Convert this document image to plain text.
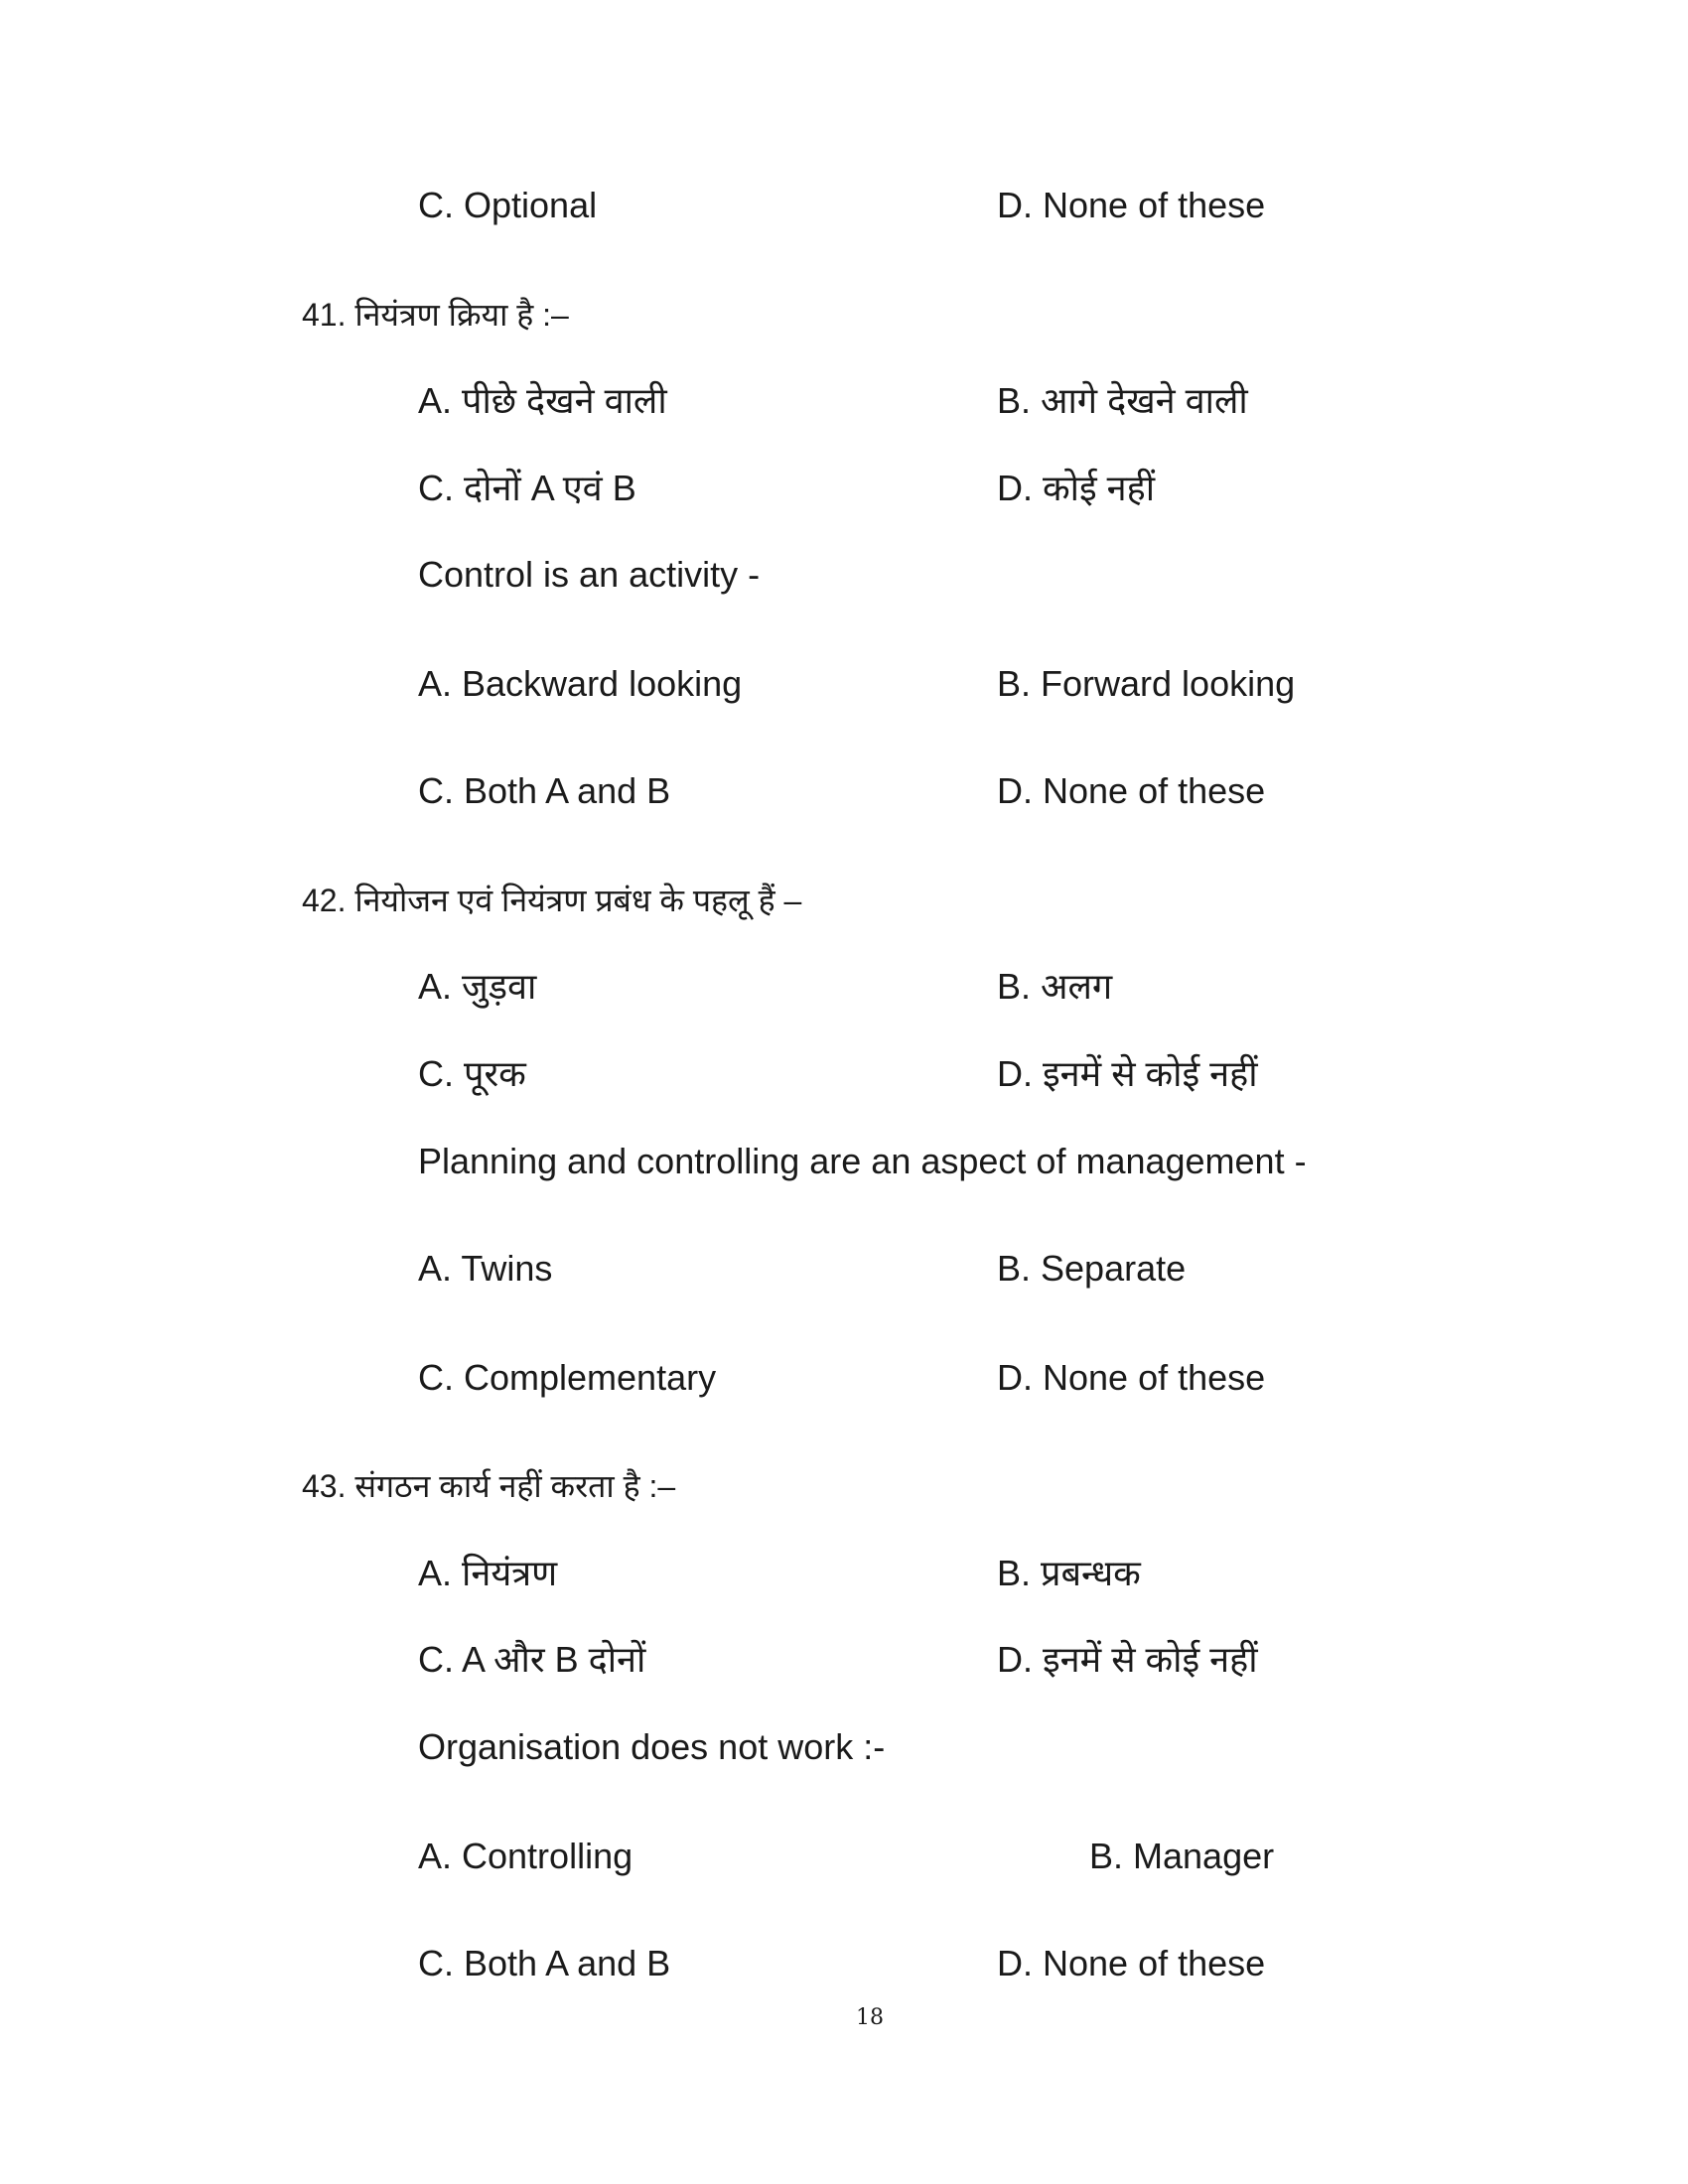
C. Optional	D. None of these
41. नियंत्रण क्रिया है :–
A. पीछे देखने वाली	B. आगे देखने वाली
C. दोनों A एवं B	D. कोई नहीं
Control is an activity -
A. Backward looking	B. Forward looking
C. Both A and B	D. None of these
42. नियोजन एवं नियंत्रण प्रबंध के पहलू हैं –
A. जुड़वा	B. अलग
C. पूरक	D. इनमें से कोई नहीं
Planning and controlling are an aspect of management -
A. Twins	B. Separate
C. Complementary	D. None of these
43. संगठन कार्य नहीं करता है :–
A. नियंत्रण	B. प्रबन्धक
C. A और B दोनों	D. इनमें से कोई नहीं
Organisation does not work :-
A. Controlling	B. Manager
C. Both A and B	D. None of these
18
